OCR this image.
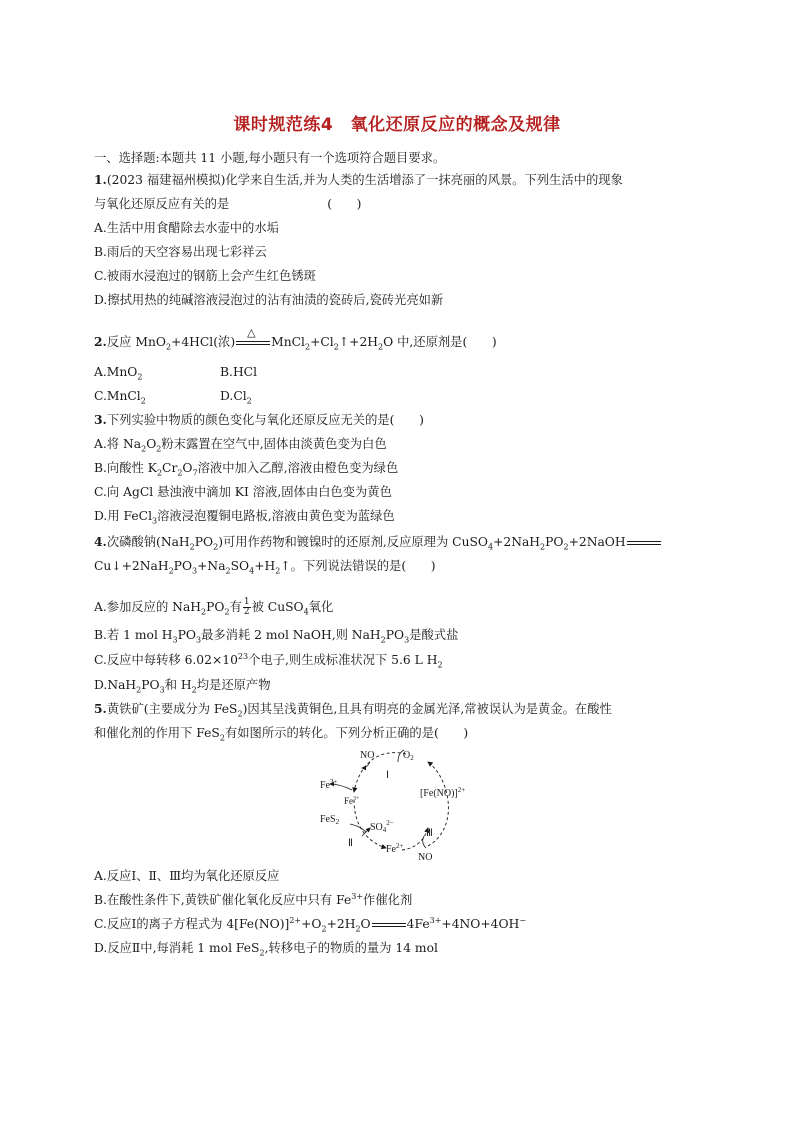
课时规范练4　氧化还原反应的概念及规律
一、选择题:本题共 11 小题,每小题只有一个选项符合题目要求。
1.(2023 福建福州模拟)化学来自生活,并为人类的生活增添了一抹亮丽的风景。下列生活中的现象
与氧化还原反应有关的是	(　　)
A.生活中用食醋除去水壶中的水垢
B.雨后的天空容易出现七彩祥云
C.被雨水浸泡过的钢筋上会产生红色锈斑
D.擦拭用热的纯碱溶液浸泡过的沾有油渍的瓷砖后,瓷砖光亮如新
2.反应 MnO$_2$+4HCl(浓)
△
$MnCl_2+Cl_2↑+2H_2O$ 中,还原剂是(　　)
A.MnO$_2$	B.HCl
C.MnCl$_2$	$D.Cl_2$
3.下列实验中物质的颜色变化与氧化还原反应无关的是(　　)
A.将 $Na_2O_2$粉末露置在空气中,固体由淡黄色变为白色
B.向酸性 $K_2Cr_2O_7$溶液中加入乙醇,溶液由橙色变为绿色
C.向 AgCl 悬浊液中滴加 KI 溶液,固体由白色变为黄色
D.用 FeCl$_3$溶液浸泡覆铜电路板,溶液由黄色变为蓝绿色
4.次磷酸钠$(NaH_2PO_2)$可用作药物和镀镍时的还原剂,反应原理为 $CuSO_4+2NaH_2PO_2+2NaOH$
$Cu↓+2NaH_2PO_3+Na_2SO_4+H_2↑$。下列说法错误的是(　　)
A.参加反应的 $NaH_2PO_2$有 $\frac{1}{2}$ 被 CuSO$_4$氧化
B.若 1 mol $H_3PO_3$最多消耗 2 mol NaOH,则 $NaH_2PO_3$是酸式盐
C.反应中每转移 $6.02\times 10^{23}$个电子,则生成标准状况下 5.6 L $H_2$
$D.NaH_2PO_3$和 $H_2$均是还原产物
5.黄铁矿(主要成分为 FeS$_2$)因其呈浅黄铜色,且具有明亮的金属光泽,常被误认为是黄金。在酸性
和催化剂的作用下 FeS$_2$有如图所示的转化。下列分析正确的是(　　)
NO	$O_2$
Ⅰ
$Fe^{3+}$
$Fe^{3+}$
FeS$_2$	$SO_4^{2-}$
$[Fe(NO)]^{2+}$
Ⅱ
$Fe^{2+}$
Ⅲ
NO
A.反应Ⅰ、Ⅱ、Ⅲ均为氧化还原反应
B.在酸性条件下,黄铁矿催化氧化反应中只有 $Fe^{3+}$作催化剂
C.反应Ⅰ的离子方程式为 $4[Fe(NO)]^{2+}+O_2+2H_2O$	$4Fe^{3+}+4NO+4OH^-$
D.反应Ⅱ中,每消耗 1 mol FeS$_2$,转移电子的物质的量为 14 mol
